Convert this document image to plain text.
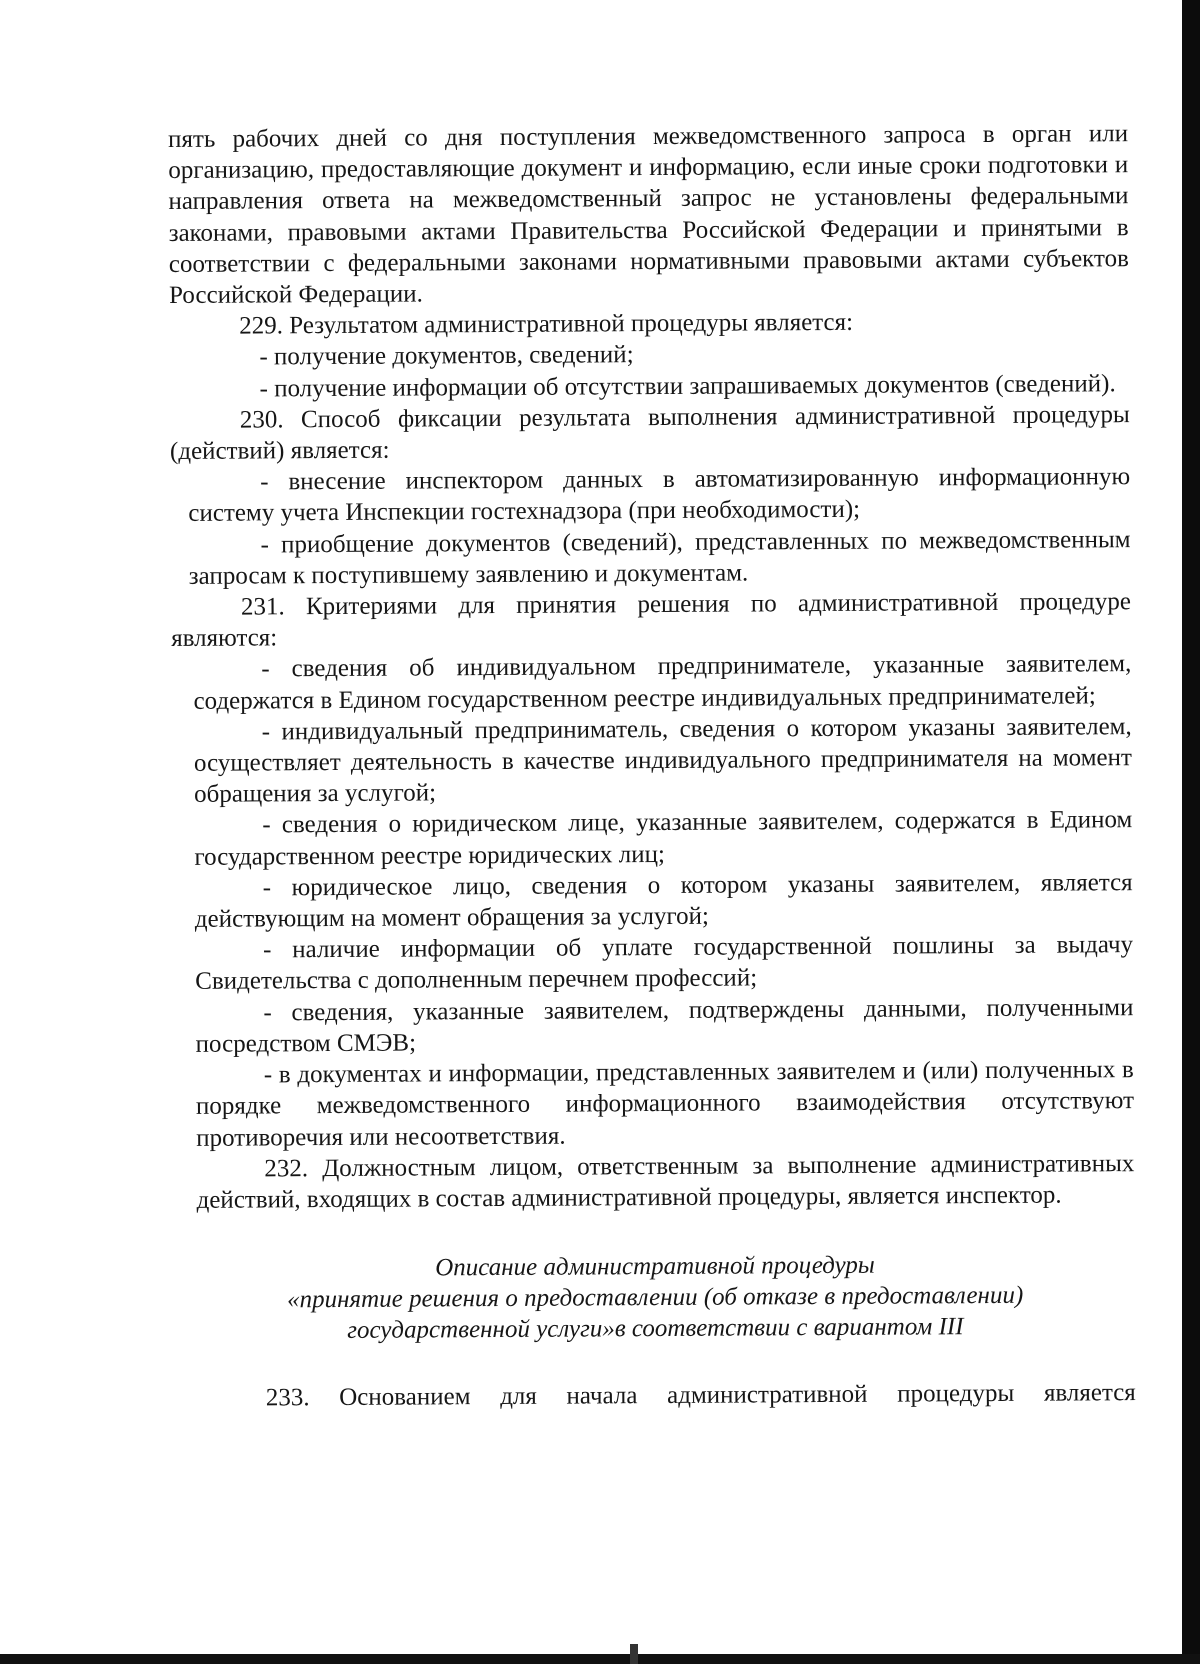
пять рабочих дней со дня поступления межведомственного запроса в орган или организацию, предоставляющие документ и информацию, если иные сроки подготовки и направления ответа на межведомственный запрос не установлены федеральными законами, правовыми актами Правительства Российской Федерации и принятыми в соответствии с федеральными законами нормативными правовыми актами субъектов Российской Федерации.

229. Результатом административной процедуры является:

- получение документов, сведений;

- получение информации об отсутствии запрашиваемых документов (сведений).

230. Способ фиксации результата выполнения административной процедуры (действий) является:

- внесение инспектором данных в автоматизированную информационную систему учета Инспекции гостехнадзора (при необходимости);

- приобщение документов (сведений), представленных по межведомственным запросам к поступившему заявлению и документам.

231. Критериями для принятия решения по административной процедуре являются:

- сведения об индивидуальном предпринимателе, указанные заявителем, содержатся в Едином государственном реестре индивидуальных предпринимателей;

- индивидуальный предприниматель, сведения о котором указаны заявителем, осуществляет деятельность в качестве индивидуального предпринимателя на момент обращения за услугой;

- сведения о юридическом лице, указанные заявителем, содержатся в Едином государственном реестре юридических лиц;

- юридическое лицо, сведения о котором указаны заявителем, является действующим на момент обращения за услугой;

- наличие информации об уплате государственной пошлины за выдачу Свидетельства с дополненным перечнем профессий;

- сведения, указанные заявителем, подтверждены данными, полученными посредством СМЭВ;

- в документах и информации, представленных заявителем и (или) полученных в порядке межведомственного информационного взаимодействия отсутствуют противоречия или несоответствия.

232. Должностным лицом, ответственным за выполнение административных действий, входящих в состав административной процедуры, является инспектор.

Описание административной процедуры

«принятие решения о предоставлении (об отказе в предоставлении)

государственной услуги»в соответствии с вариантом III

233. Основанием для начала административной процедуры является
